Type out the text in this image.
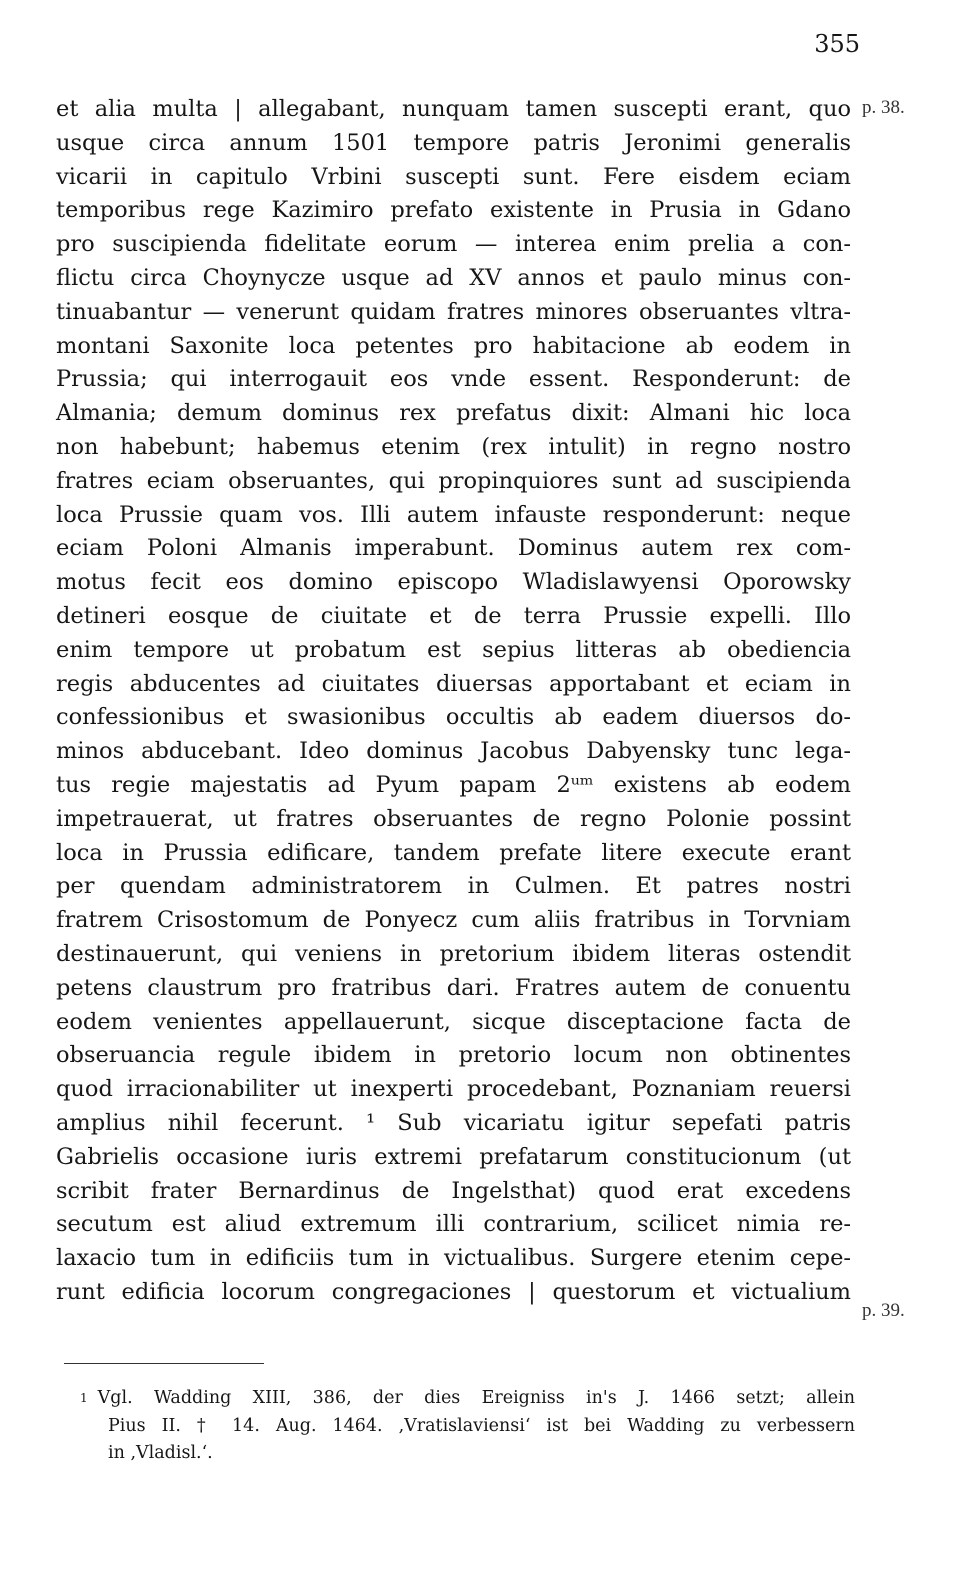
355
et alia multa | allegabant, nunquam tamen suscepti erant, quo
usque circa annum 1501 tempore patris Jeronimi generalis
vicarii in capitulo Vrbini suscepti sunt. Fere eisdem eciam
temporibus rege Kazimiro prefato existente in Prusia in Gdano
pro suscipienda fidelitate eorum — interea enim prelia a con-
flictu circa Choynycze usque ad XV annos et paulo minus con-
tinuabantur — venerunt quidam fratres minores obseruantes vltra-
montani Saxonite loca petentes pro habitacione ab eodem in
Prussia; qui interrogauit eos vnde essent. Responderunt: de
Almania; demum dominus rex prefatus dixit: Almani hic loca
non habebunt; habemus etenim (rex intulit) in regno nostro
fratres eciam obseruantes, qui propinquiores sunt ad suscipienda
loca Prussie quam vos. Illi autem infauste responderunt: neque
eciam Poloni Almanis imperabunt. Dominus autem rex com-
motus fecit eos domino episcopo Wladislawyensi Oporowsky
detineri eosque de ciuitate et de terra Prussie expelli. Illo
enim tempore ut probatum est sepius litteras ab obediencia
regis abducentes ad ciuitates diuersas apportabant et eciam in
confessionibus et swasionibus occultis ab eadem diuersos do-
minos abducebant. Ideo dominus Jacobus Dabyensky tunc lega-
tus regie majestatis ad Pyum papam 2ᵘᵐ existens ab eodem
impetrauerat, ut fratres obseruantes de regno Polonie possint
loca in Prussia edificare, tandem prefate litere execute erant
per quendam administratorem in Culmen. Et patres nostri
fratrem Crisostomum de Ponyecz cum aliis fratribus in Torvniam
destinauerunt, qui veniens in pretorium ibidem literas ostendit
petens claustrum pro fratribus dari. Fratres autem de conuentu
eodem venientes appellauerunt, sicque disceptacione facta de
obseruancia regule ibidem in pretorio locum non obtinentes
quod irracionabiliter ut inexperti procedebant, Poznaniam reuersi
amplius nihil fecerunt. ¹ Sub vicariatu igitur sepefati patris
Gabrielis occasione iuris extremi prefatarum constitucionum (ut
scribit frater Bernardinus de Ingelsthat) quod erat excedens
secutum est aliud extremum illi contrarium, scilicet nimia re-
laxacio tum in edificiis tum in victualibus. Surgere etenim cepe-
runt edificia locorum congregaciones | questorum et victualium
p. 38.
p. 39.
$^1$ Vgl. Wadding XIII, 386, der dies Ereigniss in's J. 1466 setzt; allein
Pius II. † 14. Aug. 1464. ‚Vratislaviensi‘ ist bei Wadding zu verbessern
in ‚Vladisl.‘.
